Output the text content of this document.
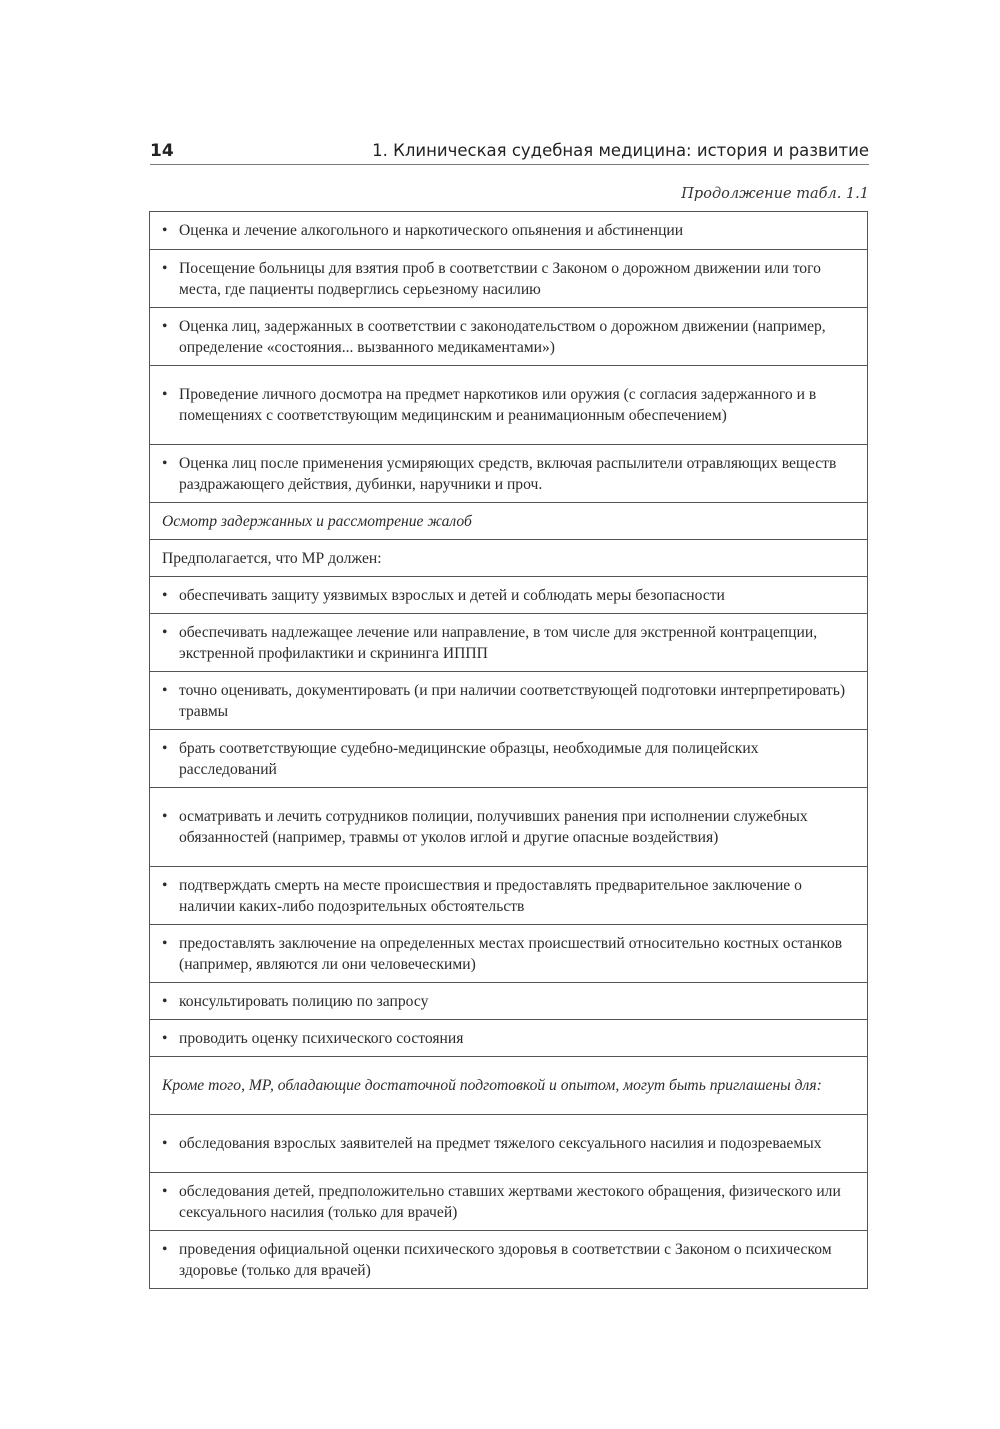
14	1. Клиническая судебная медицина: история и развитие
Продолжение табл. 1.1
• Оценка и лечение алкогольного и наркотического опьянения и абстиненции
• Посещение больницы для взятия проб в соответствии с Законом о дорожном движении или того места, где пациенты подверглись серьезному насилию
• Оценка лиц, задержанных в соответствии с законодательством о дорожном движении (например, определение «состояния... вызванного медикаментами»)
• Проведение личного досмотра на предмет наркотиков или оружия (с согласия задержанного и в помещениях с соответствующим медицинским и реанимационным обеспечением)
• Оценка лиц после применения усмиряющих средств, включая распылители отравляющих веществ раздражающего действия, дубинки, наручники и проч.
Осмотр задержанных и рассмотрение жалоб
Предполагается, что МР должен:
• обеспечивать защиту уязвимых взрослых и детей и соблюдать меры безопасности
• обеспечивать надлежащее лечение или направление, в том числе для экстренной контрацепции, экстренной профилактики и скрининга ИППП
• точно оценивать, документировать (и при наличии соответствующей подготовки интерпретировать) травмы
• брать соответствующие судебно-медицинские образцы, необходимые для полицейских расследований
• осматривать и лечить сотрудников полиции, получивших ранения при исполнении служебных обязанностей (например, травмы от уколов иглой и другие опасные воздействия)
• подтверждать смерть на месте происшествия и предоставлять предварительное заключение о наличии каких-либо подозрительных обстоятельств
• предоставлять заключение на определенных местах происшествий относительно костных останков (например, являются ли они человеческими)
• консультировать полицию по запросу
• проводить оценку психического состояния
Кроме того, МР, обладающие достаточной подготовкой и опытом, могут быть приглашены для:
• обследования взрослых заявителей на предмет тяжелого сексуального насилия и подозреваемых
• обследования детей, предположительно ставших жертвами жестокого обращения, физического или сексуального насилия (только для врачей)
• проведения официальной оценки психического здоровья в соответствии с Законом о психическом здоровье (только для врачей)
